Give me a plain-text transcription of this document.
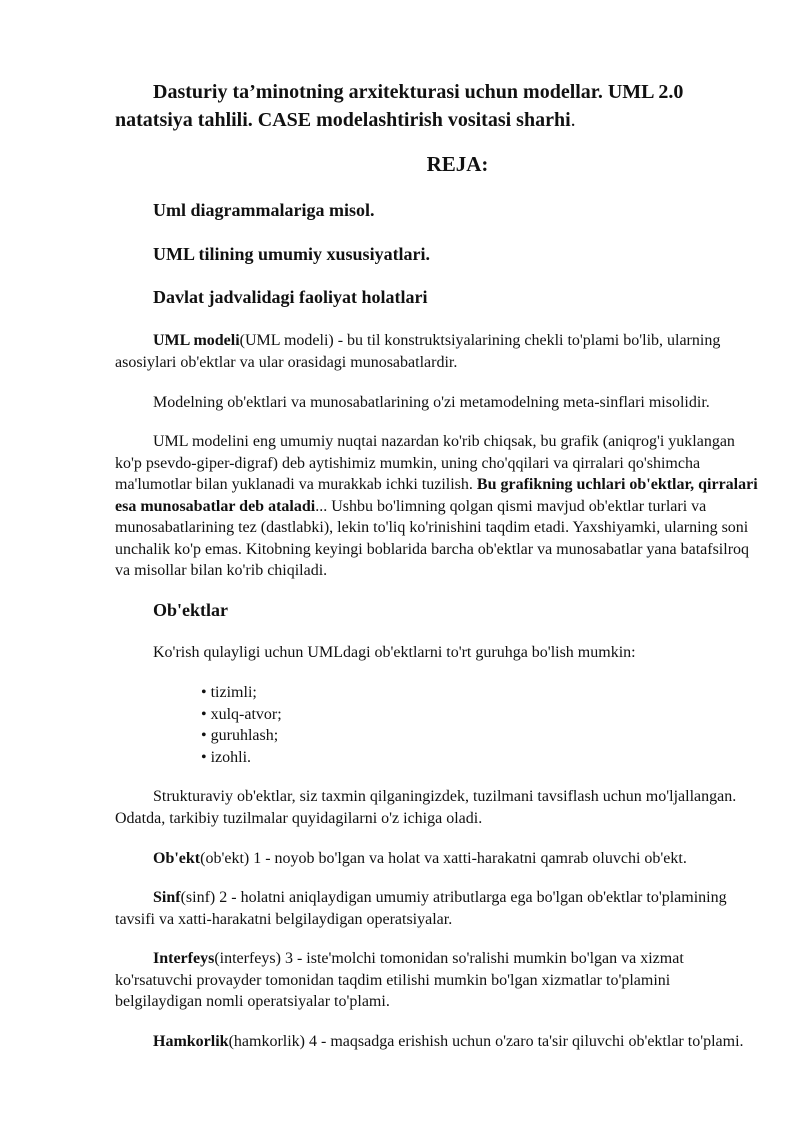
Dasturiy ta’minotning arxitekturasi uchun modellar. UML 2.0
natatsiya tahlili. CASE modelashtirish vositasi sharhi.
REJA:
Uml diagrammalariga misol.
UML tilining umumiy xususiyatlari.
Davlat jadvalidagi faoliyat holatlari
UML modeli(UML modeli) - bu til konstruktsiyalarining chekli to'plami bo'lib, ularning asosiylari ob'ektlar va ular orasidagi munosabatlardir.
Modelning ob'ektlari va munosabatlarining o'zi metamodelning meta-sinflari misolidir.
UML modelini eng umumiy nuqtai nazardan ko'rib chiqsak, bu grafik (aniqrog'i yuklangan ko'p psevdo-giper-digraf) deb aytishimiz mumkin, uning cho'qqilari va qirralari qo'shimcha ma'lumotlar bilan yuklanadi va murakkab ichki tuzilish. Bu grafikning uchlari ob'ektlar, qirralari esa munosabatlar deb ataladi... Ushbu bo'limning qolgan qismi mavjud ob'ektlar turlari va munosabatlarining tez (dastlabki), lekin to'liq ko'rinishini taqdim etadi. Yaxshiyamki, ularning soni unchalik ko'p emas. Kitobning keyingi boblarida barcha ob'ektlar va munosabatlar yana batafsilroq va misollar bilan ko'rib chiqiladi.
Ob'ektlar
Ko'rish qulayligi uchun UMLdagi ob'ektlarni to'rt guruhga bo'lish mumkin:
• tizimli;
• xulq-atvor;
• guruhlash;
• izohli.
Strukturaviy ob'ektlar, siz taxmin qilganingizdek, tuzilmani tavsiflash uchun mo'ljallangan. Odatda, tarkibiy tuzilmalar quyidagilarni o'z ichiga oladi.
Ob'ekt(ob'ekt) 1 - noyob bo'lgan va holat va xatti-harakatni qamrab oluvchi ob'ekt.
Sinf(sinf) 2 - holatni aniqlaydigan umumiy atributlarga ega bo'lgan ob'ektlar to'plamining tavsifi va xatti-harakatni belgilaydigan operatsiyalar.
Interfeys(interfeys) 3 - iste'molchi tomonidan so'ralishi mumkin bo'lgan va xizmat ko'rsatuvchi provayder tomonidan taqdim etilishi mumkin bo'lgan xizmatlar to'plamini belgilaydigan nomli operatsiyalar to'plami.
Hamkorlik(hamkorlik) 4 - maqsadga erishish uchun o'zaro ta'sir qiluvchi ob'ektlar to'plami.
